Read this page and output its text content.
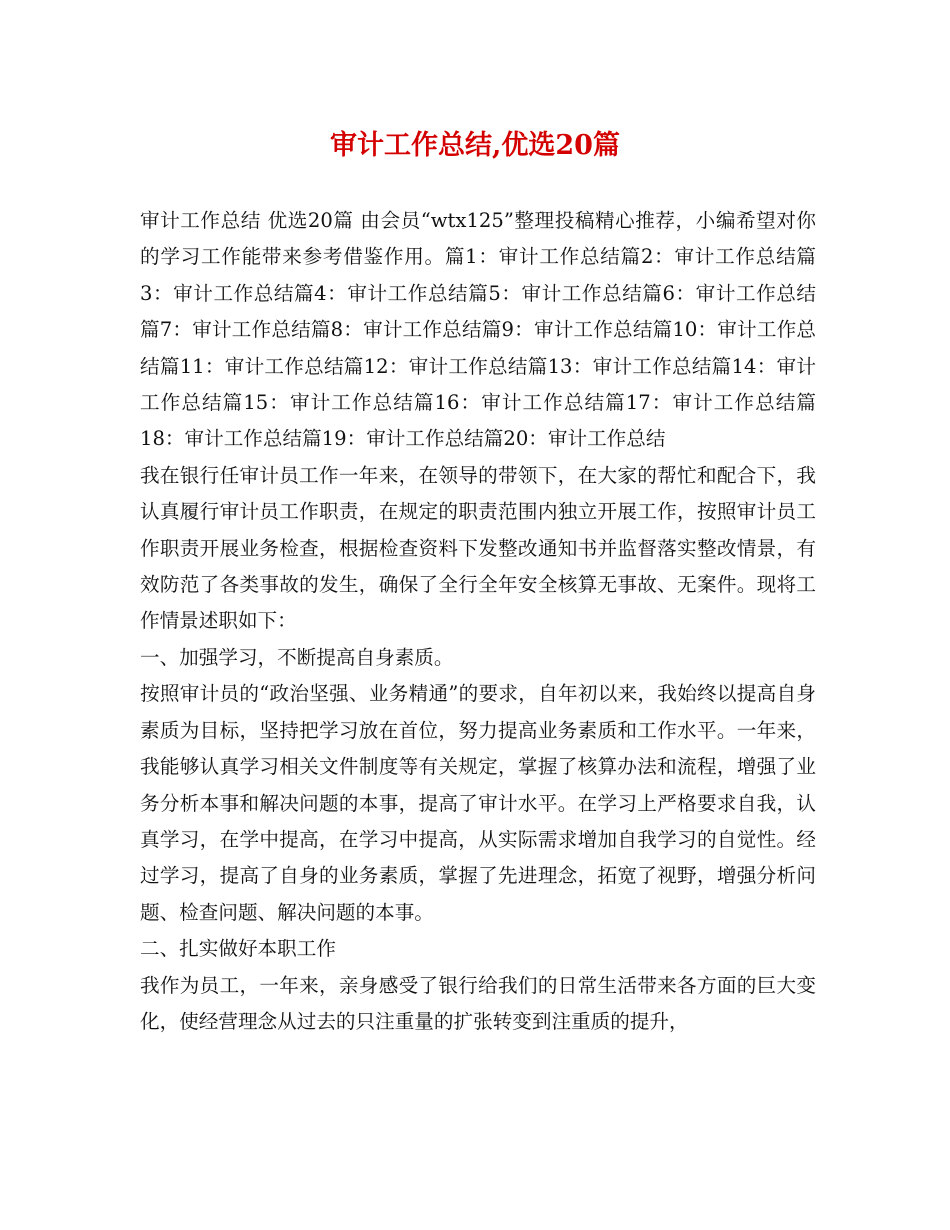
审计工作总结,优选20篇

审计工作总结 优选20篇 由会员“wtx125”整理投稿精心推荐，小编希望对你的学习工作能带来参考借鉴作用。篇1：审计工作总结篇2：审计工作总结篇3：审计工作总结篇4：审计工作总结篇5：审计工作总结篇6：审计工作总结篇7：审计工作总结篇8：审计工作总结篇9：审计工作总结篇10：审计工作总结篇11：审计工作总结篇12：审计工作总结篇13：审计工作总结篇14：审计工作总结篇15：审计工作总结篇16：审计工作总结篇17：审计工作总结篇18：审计工作总结篇19：审计工作总结篇20：审计工作总结

我在银行任审计员工作一年来，在领导的带领下，在大家的帮忙和配合下，我认真履行审计员工作职责，在规定的职责范围内独立开展工作，按照审计员工作职责开展业务检查，根据检查资料下发整改通知书并监督落实整改情景，有效防范了各类事故的发生，确保了全行全年安全核算无事故、无案件。现将工作情景述职如下：

一、加强学习，不断提高自身素质。

按照审计员的“政治坚强、业务精通”的要求，自年初以来，我始终以提高自身素质为目标，坚持把学习放在首位，努力提高业务素质和工作水平。一年来，我能够认真学习相关文件制度等有关规定，掌握了核算办法和流程，增强了业务分析本事和解决问题的本事，提高了审计水平。在学习上严格要求自我，认真学习，在学中提高，在学习中提高，从实际需求增加自我学习的自觉性。经过学习，提高了自身的业务素质，掌握了先进理念，拓宽了视野，增强分析问题、检查问题、解决问题的本事。

二、扎实做好本职工作

我作为员工，一年来，亲身感受了银行给我们的日常生活带来各方面的巨大变化，使经营理念从过去的只注重量的扩张转变到注重质的提升，
